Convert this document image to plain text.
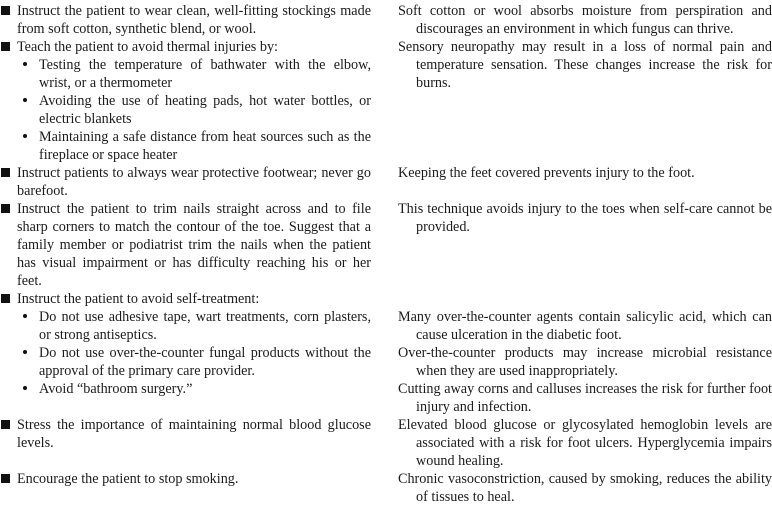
Instruct the patient to wear clean, well-fitting stockings made from soft cotton, synthetic blend, or wool.

Soft cotton or wool absorbs moisture from perspiration and discourages an environment in which fungus can thrive.

Teach the patient to avoid thermal injuries by:

Testing the temperature of bathwater with the elbow, wrist, or a thermometer

Avoiding the use of heating pads, hot water bottles, or electric blankets

Maintaining a safe distance from heat sources such as the fireplace or space heater

Sensory neuropathy may result in a loss of normal pain and temperature sensation. These changes increase the risk for burns.

Instruct patients to always wear protective footwear; never go barefoot.

Keeping the feet covered prevents injury to the foot.

Instruct the patient to trim nails straight across and to file sharp corners to match the contour of the toe. Suggest that a family member or podiatrist trim the nails when the patient has visual impairment or has difficulty reaching his or her feet.

This technique avoids injury to the toes when self-care cannot be provided.

Instruct the patient to avoid self-treatment:

Do not use adhesive tape, wart treatments, corn plasters, or strong antiseptics.

Do not use over-the-counter fungal products without the approval of the primary care provider.

Avoid “bathroom surgery.”

Many over-the-counter agents contain salicylic acid, which can cause ulceration in the diabetic foot.

Over-the-counter products may increase microbial resistance when they are used inappropriately.

Cutting away corns and calluses increases the risk for further foot injury and infection.

Stress the importance of maintaining normal blood glucose levels.

Elevated blood glucose or glycosylated hemoglobin levels are associated with a risk for foot ulcers. Hyperglycemia impairs wound healing.

Encourage the patient to stop smoking.	Chronic vasoconstriction, caused by smoking, reduces the ability of tissues to heal.
